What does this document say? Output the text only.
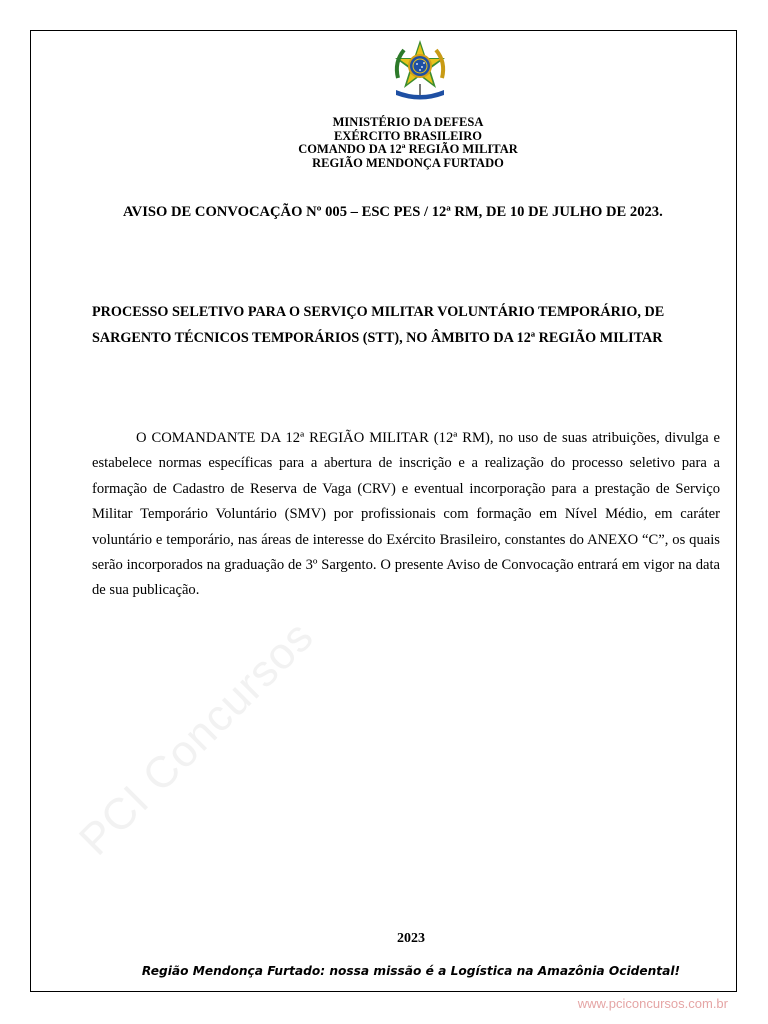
MINISTÉRIO DA DEFESA
EXÉRCITO BRASILEIRO
COMANDO DA 12ª REGIÃO MILITAR
REGIÃO MENDONÇA FURTADO
AVISO DE CONVOCAÇÃO Nº 005 – ESC PES / 12ª RM, DE 10 DE JULHO DE 2023.
PROCESSO SELETIVO PARA O SERVIÇO MILITAR VOLUNTÁRIO TEMPORÁRIO, DE
SARGENTO TÉCNICOS TEMPORÁRIOS (STT), NO ÂMBITO DA 12ª REGIÃO MILITAR
O COMANDANTE DA 12ª REGIÃO MILITAR (12ª RM), no uso de suas atribuições, divulga e estabelece normas específicas para a abertura de inscrição e a realização do processo seletivo para a formação de Cadastro de Reserva de Vaga (CRV) e eventual incorporação para a prestação de Serviço Militar Temporário Voluntário (SMV) por profissionais com formação em Nível Médio, em caráter voluntário e temporário, nas áreas de interesse do Exército Brasileiro, constantes do ANEXO “C”, os quais serão incorporados na graduação de 3º Sargento. O presente Aviso de Convocação entrará em vigor na data de sua publicação.
PCI Concursos
2023
Região Mendonça Furtado: nossa missão é a Logística na Amazônia Ocidental!
www.pciconcursos.com.br
